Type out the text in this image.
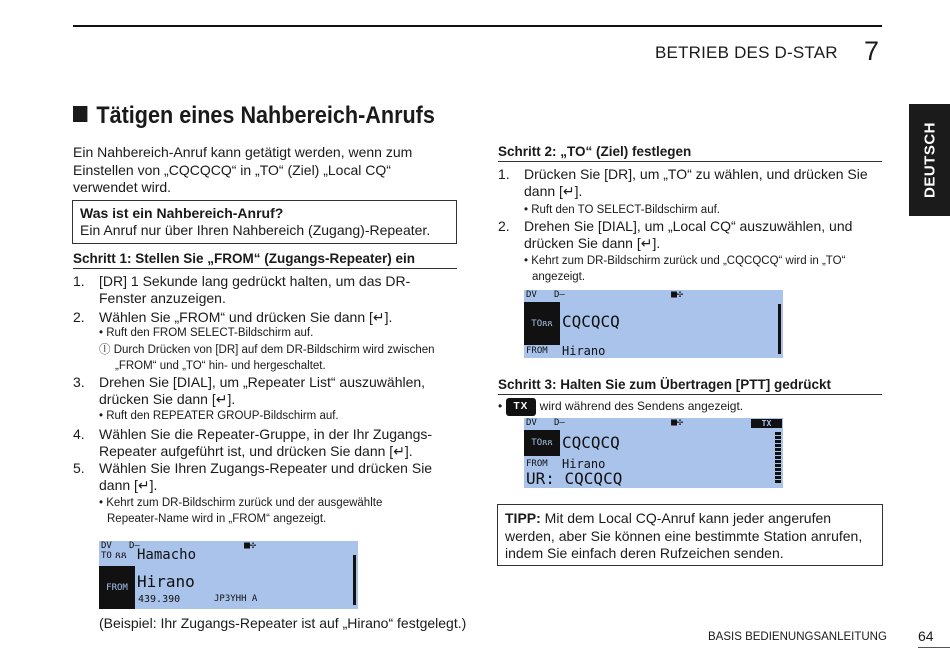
BETRIEB DES D-STAR 7
DEUTSCH
Tätigen eines Nahbereich-Anrufs
Ein Nahbereich-Anruf kann getätigt werden, wenn zum Einstellen von „CQCQCQ“ in „TO“ (Ziel) „Local CQ“ verwendet wird.
Was ist ein Nahbereich-Anruf?
Ein Anruf nur über Ihren Nahbereich (Zugang)-Repeater.
Schritt 1: Stellen Sie „FROM“ (Zugangs-Repeater) ein
1. [DR] 1 Sekunde lang gedrückt halten, um das DR-Fenster anzuzeigen.
2. Wählen Sie „FROM“ und drücken Sie dann [↵].
• Ruft den FROM SELECT-Bildschirm auf.
ⓛ Durch Drücken von [DR] auf dem DR-Bildschirm wird zwischen „FROM“ und „TO“ hin- und hergeschaltet.
3. Drehen Sie [DIAL], um „Repeater List“ auszuwählen, drücken Sie dann [↵].
• Ruft den REPEATER GROUP-Bildschirm auf.
4. Wählen Sie die Repeater-Gruppe, in der Ihr Zugangs-Repeater aufgeführt ist, und drücken Sie dann [↵].
5. Wählen Sie Ihren Zugangs-Repeater und drücken Sie dann [↵].
• Kehrt zum DR-Bildschirm zurück und der ausgewählte Repeater-Name wird in „FROM“ angezeigt.
DV D–	■✣
TO ጸጸ Hamacho
FROM Hirano
439.390	JP3YHH A
(Beispiel: Ihr Zugangs-Repeater ist auf „Hirano“ festgelegt.)
Schritt 2: „TO“ (Ziel) festlegen
1. Drücken Sie [DR], um „TO“ zu wählen, und drücken Sie dann [↵].
• Ruft den TO SELECT-Bildschirm auf.
2. Drehen Sie [DIAL], um „Local CQ“ auszuwählen, und drücken Sie dann [↵].
• Kehrt zum DR-Bildschirm zurück und „CQCQCQ“ wird in „TO“ angezeigt.
DV D–	■✣
TO ጸጸ CQCQCQ
FROM Hirano
Schritt 3: Halten Sie zum Übertragen [PTT] gedrückt
• TX wird während des Sendens angezeigt.
DV D–	■✣	TX
TO ጸጸ CQCQCQ
FROM Hirano
UR: CQCQCQ
TIPP: Mit dem Local CQ-Anruf kann jeder angerufen werden, aber Sie können eine bestimmte Station anrufen, indem Sie einfach deren Rufzeichen senden.
BASIS BEDIENUNGSANLEITUNG 64
